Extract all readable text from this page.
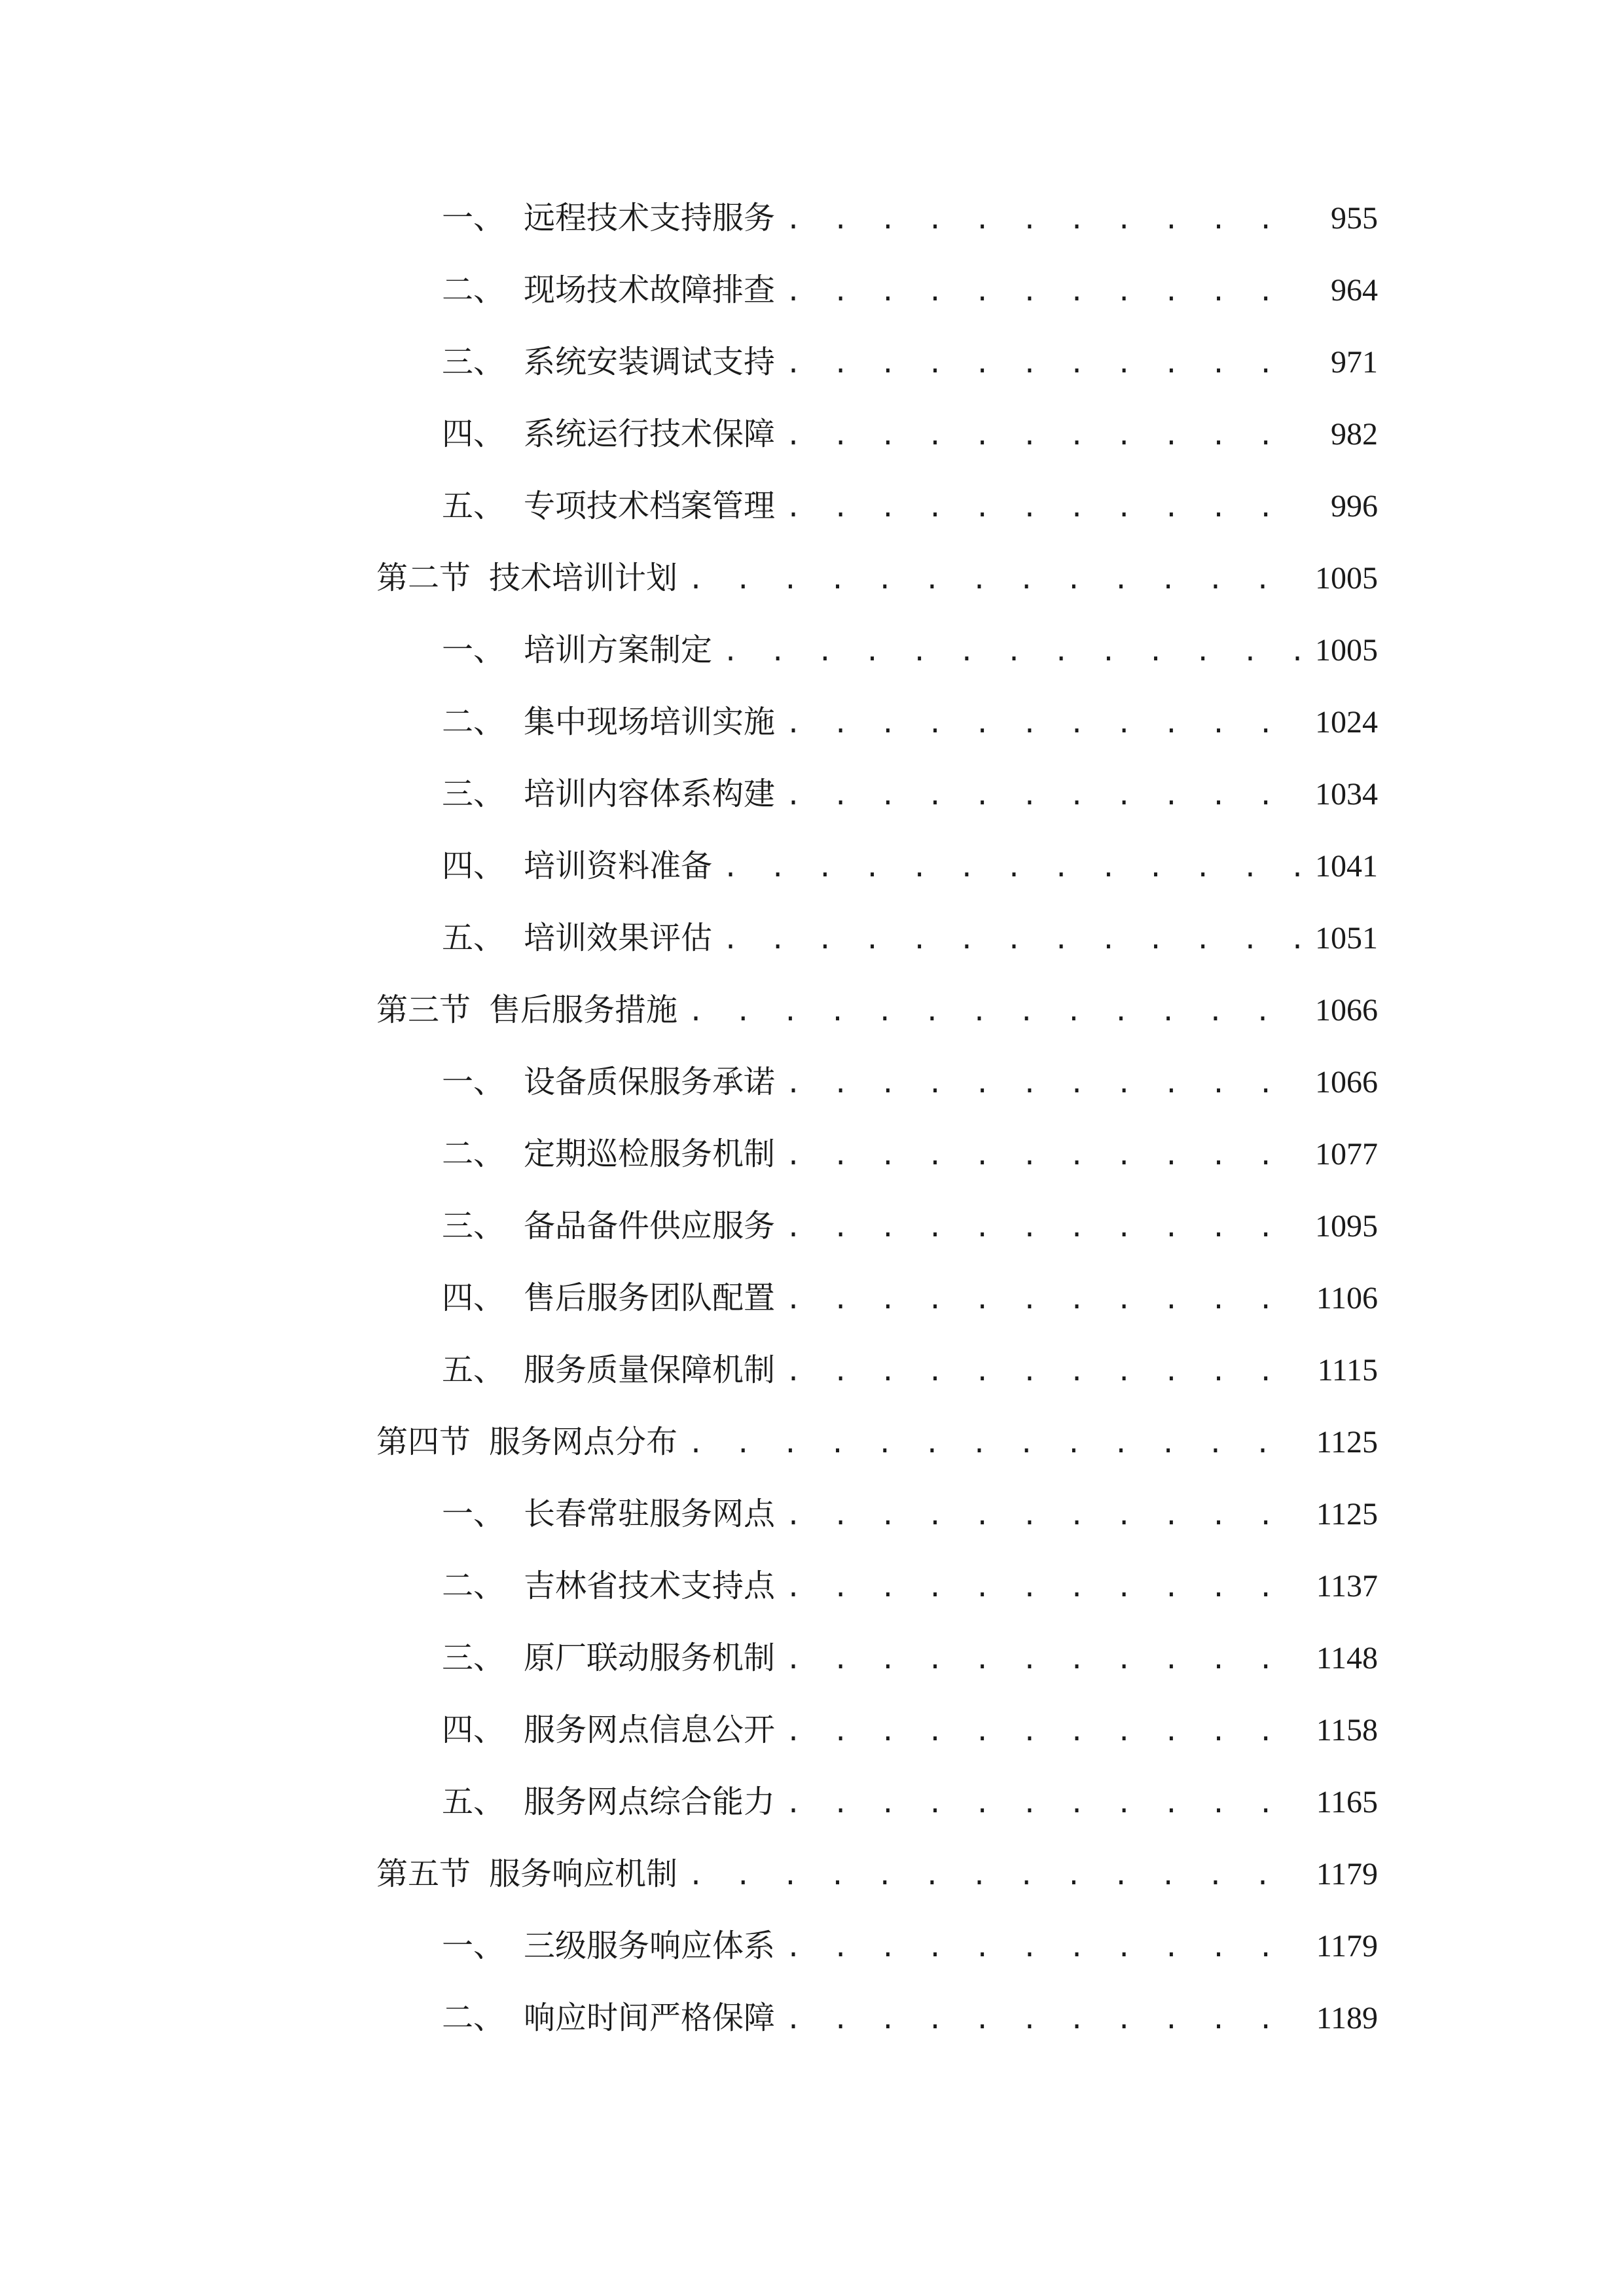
一、 远程技术支持服务 . . .	955
二、 现场技术故障排查 . . .	964
三、 系统安装调试支持 . . .	971
四、 系统运行技术保障 . . .	982
五、 专项技术档案管理 . . .	996
第二节 技术培训计划 . . .	1005
一、 培训方案制定 . . .	1005
二、 集中现场培训实施 . . .	1024
三、 培训内容体系构建 . . .	1034
四、 培训资料准备 . . .	1041
五、 培训效果评估 . . .	1051
第三节 售后服务措施 . . .	1066
一、 设备质保服务承诺 . . .	1066
二、 定期巡检服务机制 . . .	1077
三、 备品备件供应服务 . . .	1095
四、 售后服务团队配置 . . .	1106
五、 服务质量保障机制 . . .	1115
第四节 服务网点分布 . . .	1125
一、 长春常驻服务网点 . . .	1125
二、 吉林省技术支持点 . . .	1137
三、 原厂联动服务机制 . . .	1148
四、 服务网点信息公开 . . .	1158
五、 服务网点综合能力 . . .	1165
第五节 服务响应机制 . . .	1179
一、 三级服务响应体系 . . .	1179
二、 响应时间严格保障 . . .	1189
